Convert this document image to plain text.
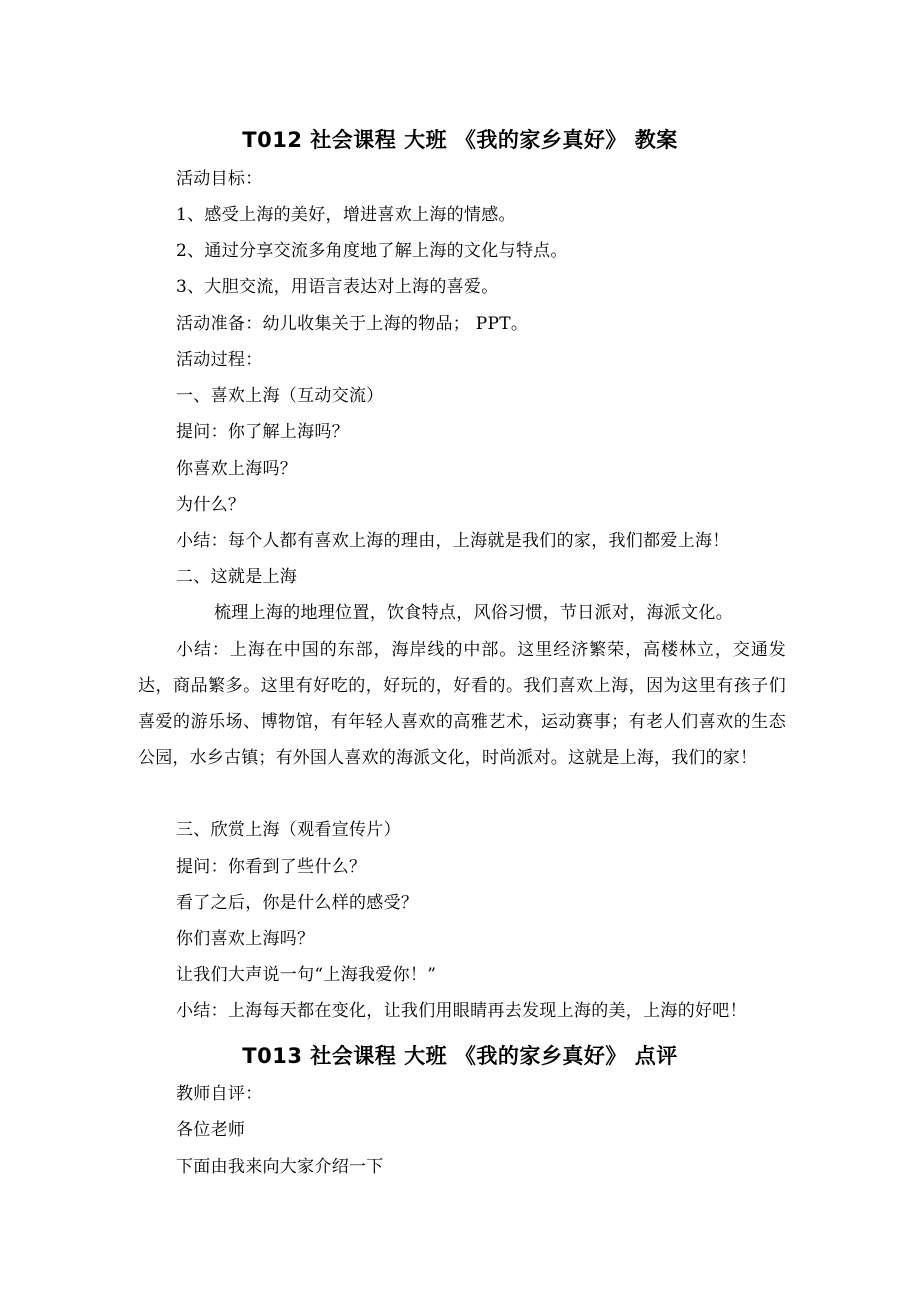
T012 社会课程 大班 《我的家乡真好》 教案
活动目标：
1、感受上海的美好，增进喜欢上海的情感。
2、通过分享交流多角度地了解上海的文化与特点。
3、大胆交流，用语言表达对上海的喜爱。
活动准备：幼儿收集关于上海的物品； PPT。
活动过程：
一、喜欢上海（互动交流）
提问：你了解上海吗？
你喜欢上海吗？
为什么？
小结：每个人都有喜欢上海的理由，上海就是我们的家，我们都爱上海！
二、这就是上海
梳理上海的地理位置，饮食特点，风俗习惯，节日派对，海派文化。
小结：上海在中国的东部，海岸线的中部。这里经济繁荣，高楼林立，交通发达，商品繁多。这里有好吃的，好玩的，好看的。我们喜欢上海，因为这里有孩子们喜爱的游乐场、博物馆，有年轻人喜欢的高雅艺术，运动赛事；有老人们喜欢的生态公园，水乡古镇；有外国人喜欢的海派文化，时尚派对。这就是上海，我们的家！
三、欣赏上海（观看宣传片）
提问：你看到了些什么？
看了之后，你是什么样的感受？
你们喜欢上海吗？
让我们大声说一句“上海我爱你！”
小结：上海每天都在变化，让我们用眼睛再去发现上海的美，上海的好吧！
T013 社会课程 大班 《我的家乡真好》 点评
教师自评：
各位老师
下面由我来向大家介绍一下
